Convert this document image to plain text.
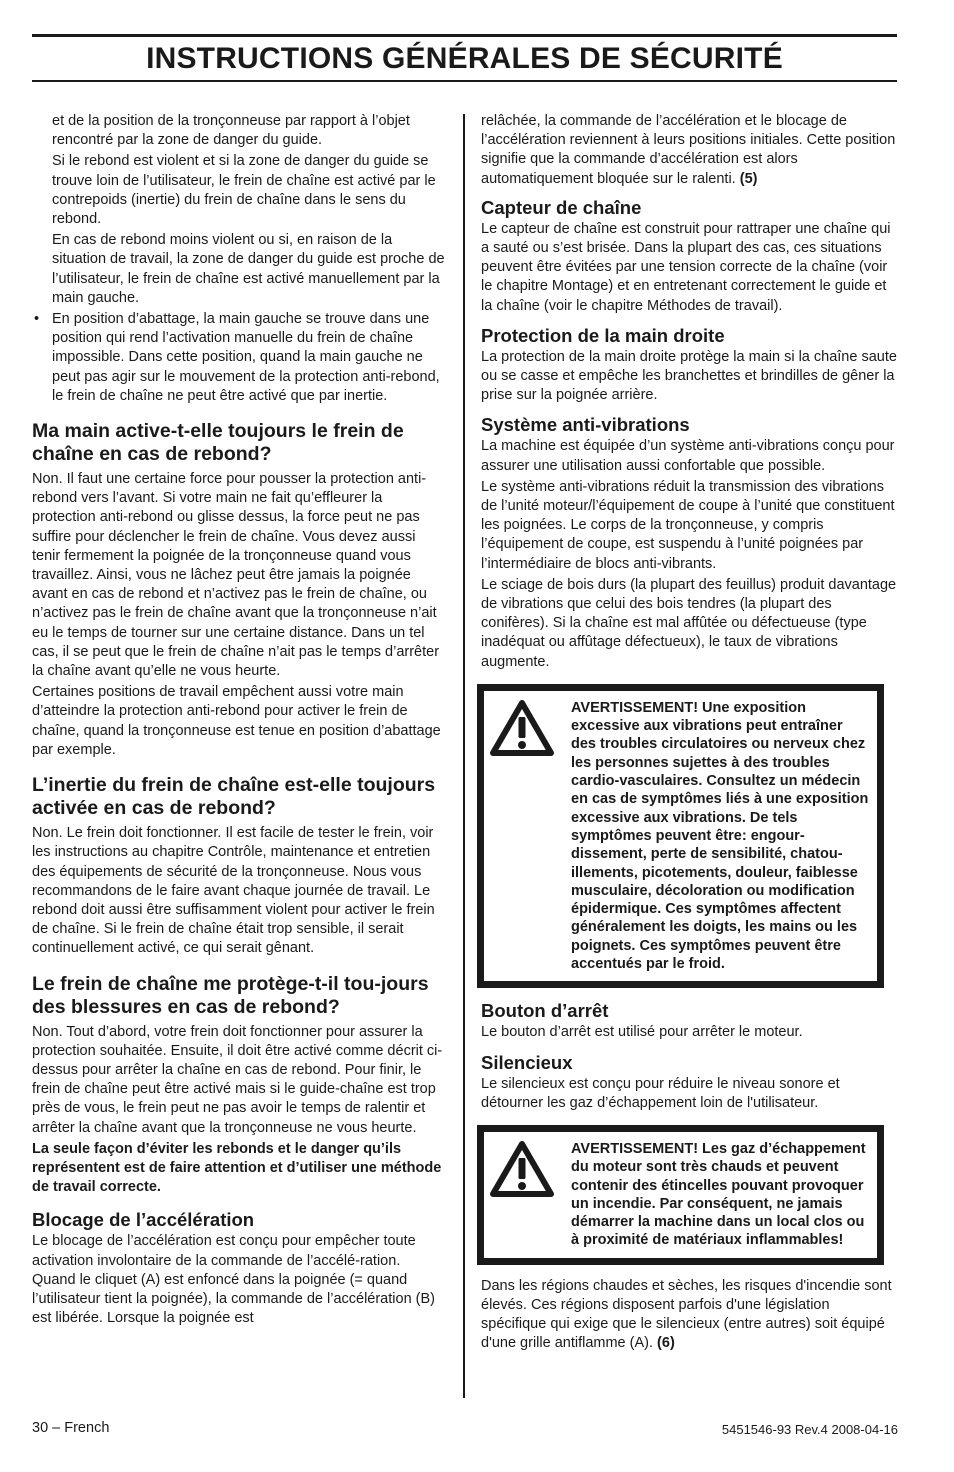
INSTRUCTIONS GÉNÉRALES DE SÉCURITÉ

et de la position de la tronçonneuse par rapport à l’objet rencontré par la zone de danger du guide.

Si le rebond est violent et si la zone de danger du guide se trouve loin de l’utilisateur, le frein de chaîne est activé par le contrepoids (inertie) du frein de chaîne dans le sens du rebond.

En cas de rebond moins violent ou si, en raison de la situation de travail, la zone de danger du guide est proche de l’utilisateur, le frein de chaîne est activé manuellement par la main gauche.

• En position d’abattage, la main gauche se trouve dans une position qui rend l’activation manuelle du frein de chaîne impossible. Dans cette position, quand la main gauche ne peut pas agir sur le mouvement de la protection anti-rebond, le frein de chaîne ne peut être activé que par inertie.
Ma main active-t-elle toujours le frein de chaîne en cas de rebond?

Non. Il faut une certaine force pour pousser la protection anti-rebond vers l’avant. Si votre main ne fait qu’effleurer la protection anti-rebond ou glisse dessus, la force peut ne pas suffire pour déclencher le frein de chaîne. Vous devez aussi tenir fermement la poignée de la tronçonneuse quand vous travaillez. Ainsi, vous ne lâchez peut être jamais la poignée avant en cas de rebond et n’activez pas le frein de chaîne, ou n’activez pas le frein de chaîne avant que la tronçonneuse n’ait eu le temps de tourner sur une certaine distance. Dans un tel cas, il se peut que le frein de chaîne n’ait pas le temps d’arrêter la chaîne avant qu’elle ne vous heurte.

Certaines positions de travail empêchent aussi votre main d’atteindre la protection anti-rebond pour activer le frein de chaîne, quand la tronçonneuse est tenue en position d’abattage par exemple.

L’inertie du frein de chaîne est-elle toujours activée en cas de rebond?

Non. Le frein doit fonctionner. Il est facile de tester le frein, voir les instructions au chapitre Contrôle, maintenance et entretien des équipements de sécurité de la tronçonneuse. Nous vous recommandons de le faire avant chaque journée de travail. Le rebond doit aussi être suffisamment violent pour activer le frein de chaîne. Si le frein de chaîne était trop sensible, il serait continuellement activé, ce qui serait gênant.

Le frein de chaîne me protège-t-il tou-jours des blessures en cas de rebond?

Non. Tout d’abord, votre frein doit fonctionner pour assurer la protection souhaitée. Ensuite, il doit être activé comme décrit ci-dessus pour arrêter la chaîne en cas de rebond. Pour finir, le frein de chaîne peut être activé mais si le guide-chaîne est trop près de vous, le frein peut ne pas avoir le temps de ralentir et arrêter la chaîne avant que la tronçonneuse ne vous heurte.

La seule façon d’éviter les rebonds et le danger qu’ils représentent est de faire attention et d’utiliser une méthode de travail correcte.

Blocage de l’accélération

Le blocage de l’accélération est conçu pour empêcher toute activation involontaire de la commande de l’accélé-ration. Quand le cliquet (A) est enfoncé dans la poignée (= quand l’utilisateur tient la poignée), la commande de l’accélération (B) est libérée. Lorsque la poignée est

relâchée, la commande de l’accélération et le blocage de l’accélération reviennent à leurs positions initiales. Cette position signifie que la commande d’accélération est alors automatiquement bloquée sur le ralenti. (5)

Capteur de chaîne

Le capteur de chaîne est construit pour rattraper une chaîne qui a sauté ou s’est brisée. Dans la plupart des cas, ces situations peuvent être évitées par une tension correcte de la chaîne (voir le chapitre Montage) et en entretenant correctement le guide et la chaîne (voir le chapitre Méthodes de travail).

Protection de la main droite

La protection de la main droite protège la main si la chaîne saute ou se casse et empêche les branchettes et brindilles de gêner la prise sur la poignée arrière.

Système anti-vibrations

La machine est équipée d’un système anti-vibrations conçu pour assurer une utilisation aussi confortable que possible.

Le système anti-vibrations réduit la transmission des vibrations de l’unité moteur/l’équipement de coupe à l’unité que constituent les poignées. Le corps de la tronçonneuse, y compris l’équipement de coupe, est suspendu à l’unité poignées par l’intermédiaire de blocs anti-vibrants.

Le sciage de bois durs (la plupart des feuillus) produit davantage de vibrations que celui des bois tendres (la plupart des conifères). Si la chaîne est mal affûtée ou défectueuse (type inadéquat ou affûtage défectueux), le taux de vibrations augmente.

AVERTISSEMENT! Une exposition excessive aux vibrations peut entraîner des troubles circulatoires ou nerveux chez les personnes sujettes à des troubles cardio-vasculaires. Consultez un médecin en cas de symptômes liés à une exposition excessive aux vibrations. De tels symptômes peuvent être: engour-dissement, perte de sensibilité, chatou-illements, picotements, douleur, faiblesse musculaire, décoloration ou modification épidermique. Ces symptômes affectent généralement les doigts, les mains ou les poignets. Ces symptômes peuvent être accentués par le froid.
Bouton d’arrêt

Le bouton d’arrêt est utilisé pour arrêter le moteur.

Silencieux

Le silencieux est conçu pour réduire le niveau sonore et détourner les gaz d’échappement loin de l'utilisateur.

AVERTISSEMENT! Les gaz d’échappement du moteur sont très chauds et peuvent contenir des étincelles pouvant provoquer un incendie. Par conséquent, ne jamais démarrer la machine dans un local clos ou à proximité de matériaux inflammables!

Dans les régions chaudes et sèches, les risques d'incendie sont élevés. Ces régions disposent parfois d'une législation spécifique qui exige que le silencieux (entre autres) soit équipé d'une grille antiflamme (A). (6)

30 – French	5451546-93 Rev.4 2008-04-16
